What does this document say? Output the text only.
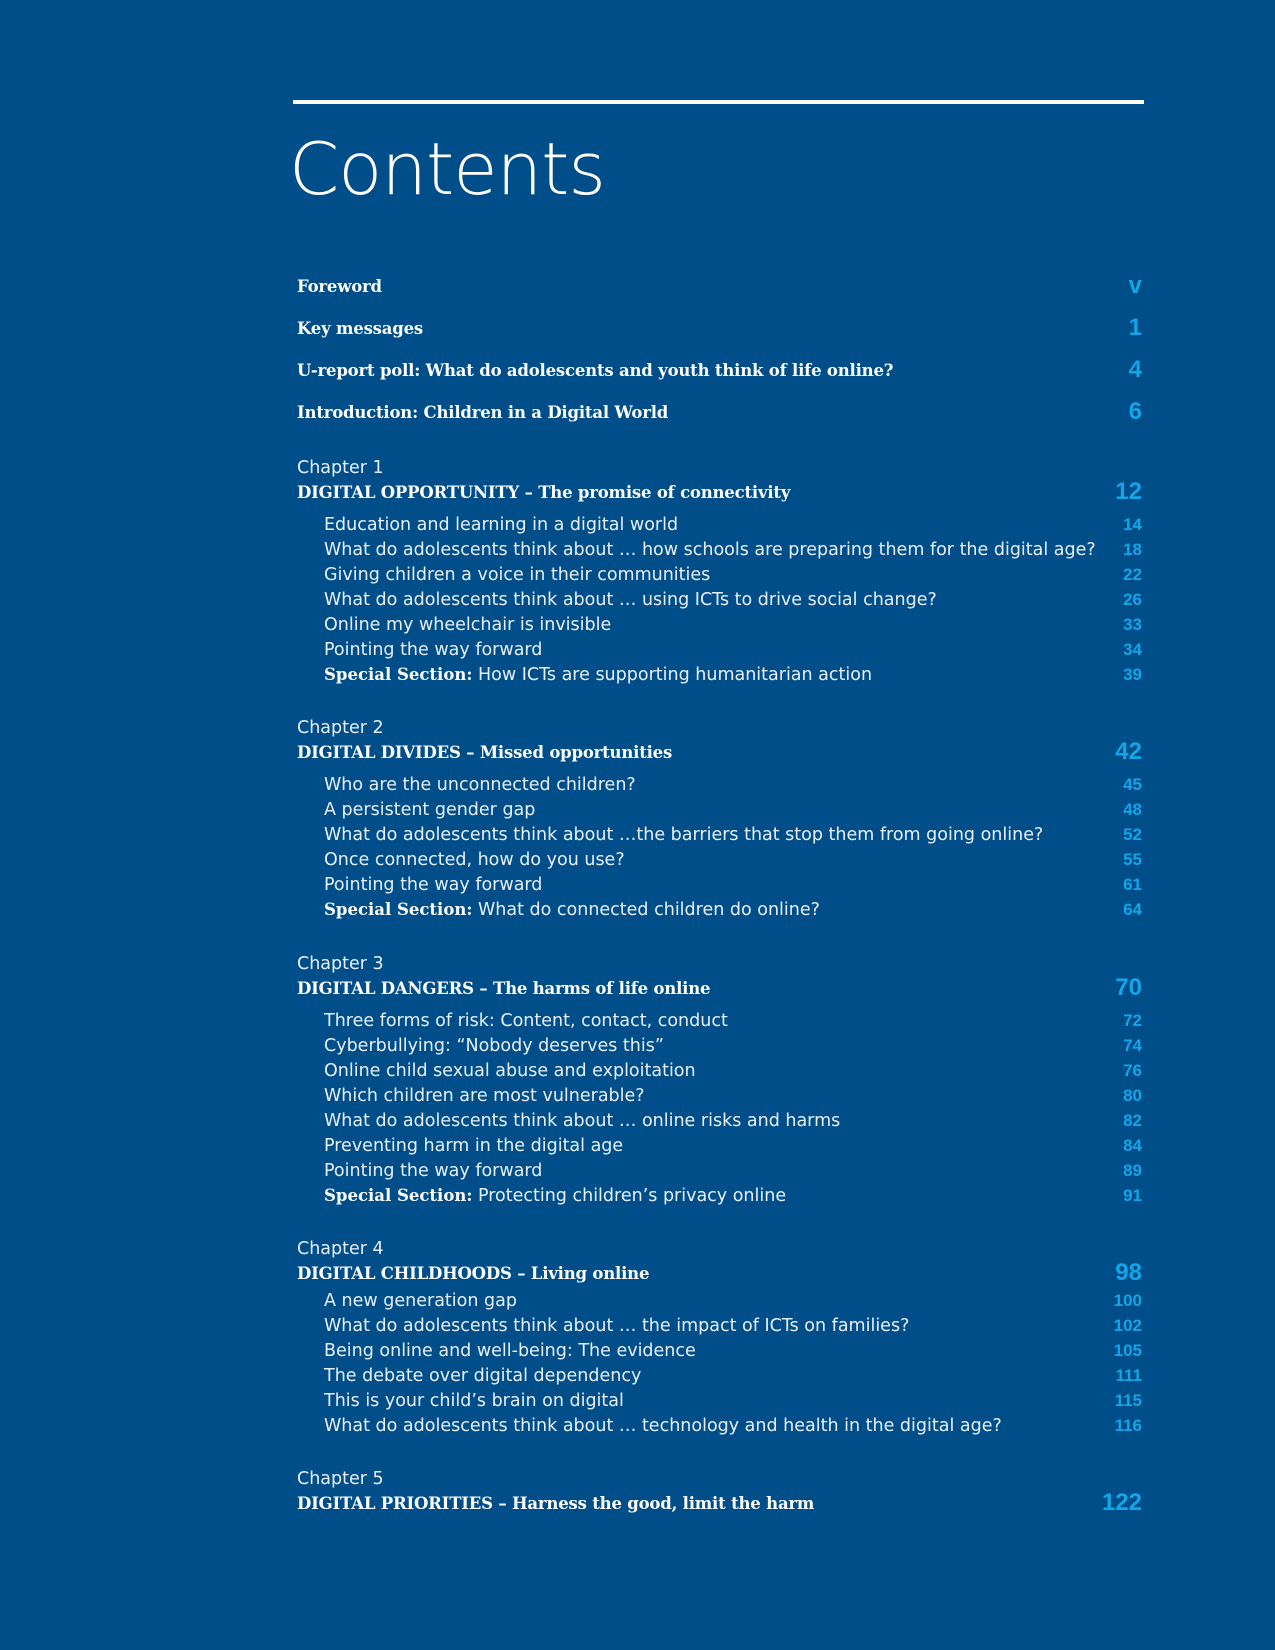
Contents
Foreword	v
Key messages	1
U-report poll: What do adolescents and youth think of life online?	4
Introduction: Children in a Digital World	6
Chapter 1
DIGITAL OPPORTUNITY – The promise of connectivity	12
Education and learning in a digital world	14
What do adolescents think about … how schools are preparing them for the digital age? 18
Giving children a voice in their communities	22
What do adolescents think about … using ICTs to drive social change?	26
Online my wheelchair is invisible	33
Pointing the way forward	34
Special Section: How ICTs are supporting humanitarian action	39
Chapter 2
DIGITAL DIVIDES – Missed opportunities	42
Who are the unconnected children?	45
A persistent gender gap	48
What do adolescents think about …the barriers that stop them from going online?	52
Once connected, how do you use?	55
Pointing the way forward	61
Special Section: What do connected children do online?	64
Chapter 3
DIGITAL DANGERS – The harms of life online	70
Three forms of risk: Content, contact, conduct	72
Cyberbullying: “Nobody deserves this”	74
Online child sexual abuse and exploitation	76
Which children are most vulnerable?	80
What do adolescents think about … online risks and harms	82
Preventing harm in the digital age	84
Pointing the way forward	89
Special Section: Protecting children’s privacy online	91
Chapter 4
DIGITAL CHILDHOODS – Living online	98
A new generation gap	100
What do adolescents think about … the impact of ICTs on families?	102
Being online and well-being: The evidence	105
The debate over digital dependency	111
This is your child’s brain on digital	115
What do adolescents think about … technology and health in the digital age?	116
Chapter 5
DIGITAL PRIORITIES – Harness the good, limit the harm	122
